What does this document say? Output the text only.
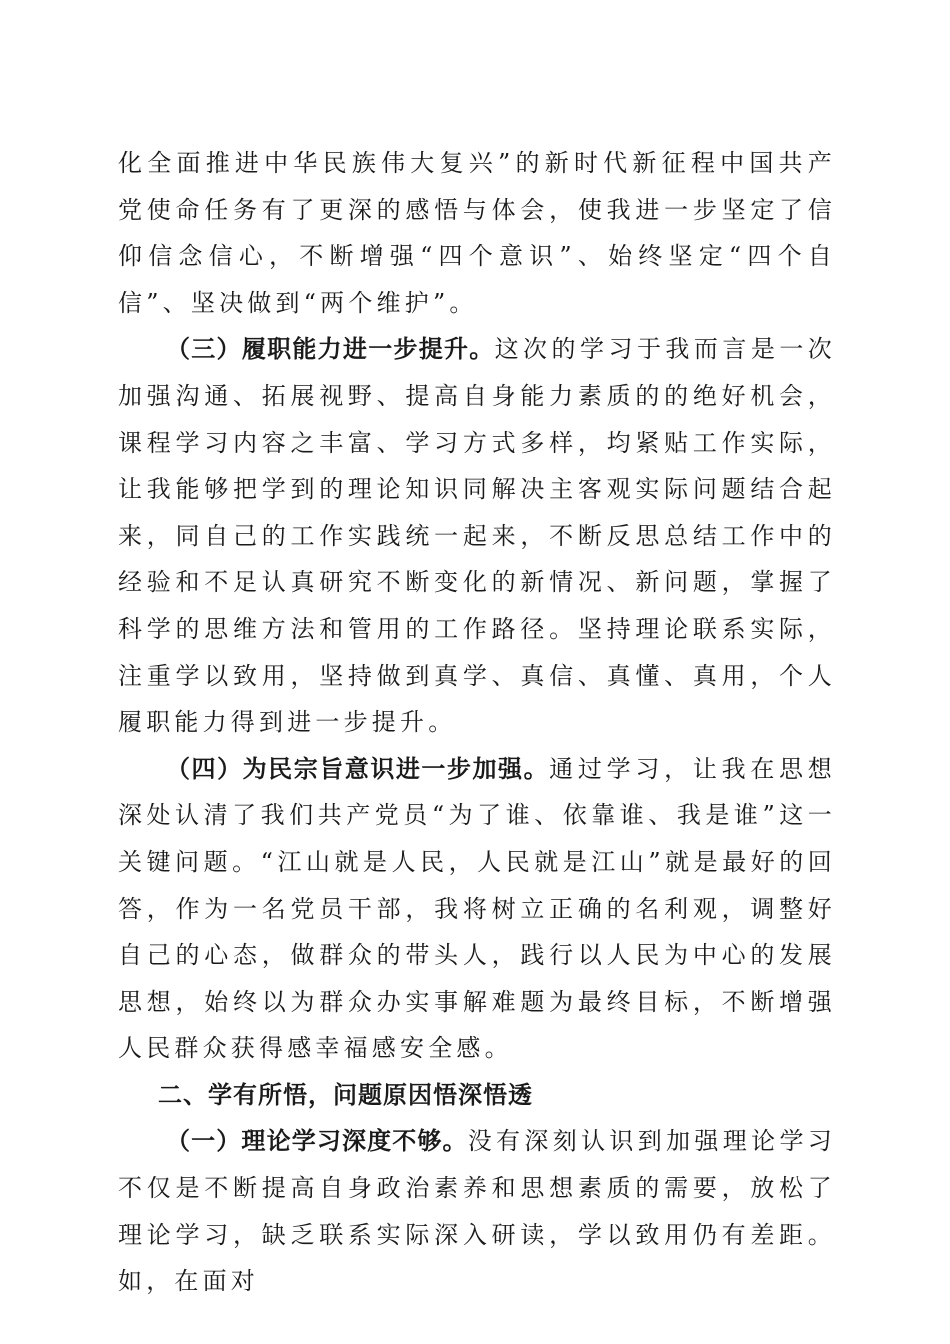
化全面推进中华民族伟大复兴”的新时代新征程中国共产党使命任务有了更深的感悟与体会，使我进一步坚定了信仰信念信心，不断增强“四个意识”、始终坚定“四个自信”、坚决做到“两个维护”。

（三）履职能力进一步提升。这次的学习于我而言是一次加强沟通、拓展视野、提高自身能力素质的的绝好机会，课程学习内容之丰富、学习方式多样，均紧贴工作实际，让我能够把学到的理论知识同解决主客观实际问题结合起来，同自己的工作实践统一起来，不断反思总结工作中的经验和不足认真研究不断变化的新情况、新问题，掌握了科学的思维方法和管用的工作路径。坚持理论联系实际，注重学以致用，坚持做到真学、真信、真懂、真用，个人履职能力得到进一步提升。

（四）为民宗旨意识进一步加强。通过学习，让我在思想深处认清了我们共产党员“为了谁、依靠谁、我是谁”这一关键问题。“江山就是人民，人民就是江山”就是最好的回答，作为一名党员干部，我将树立正确的名利观，调整好自己的心态，做群众的带头人，践行以人民为中心的发展思想，始终以为群众办实事解难题为最终目标，不断增强人民群众获得感幸福感安全感。

二、学有所悟，问题原因悟深悟透

（一）理论学习深度不够。没有深刻认识到加强理论学习不仅是不断提高自身政治素养和思想素质的需要，放松了理论学习，缺乏联系实际深入研读，学以致用仍有差距。如，在面对
